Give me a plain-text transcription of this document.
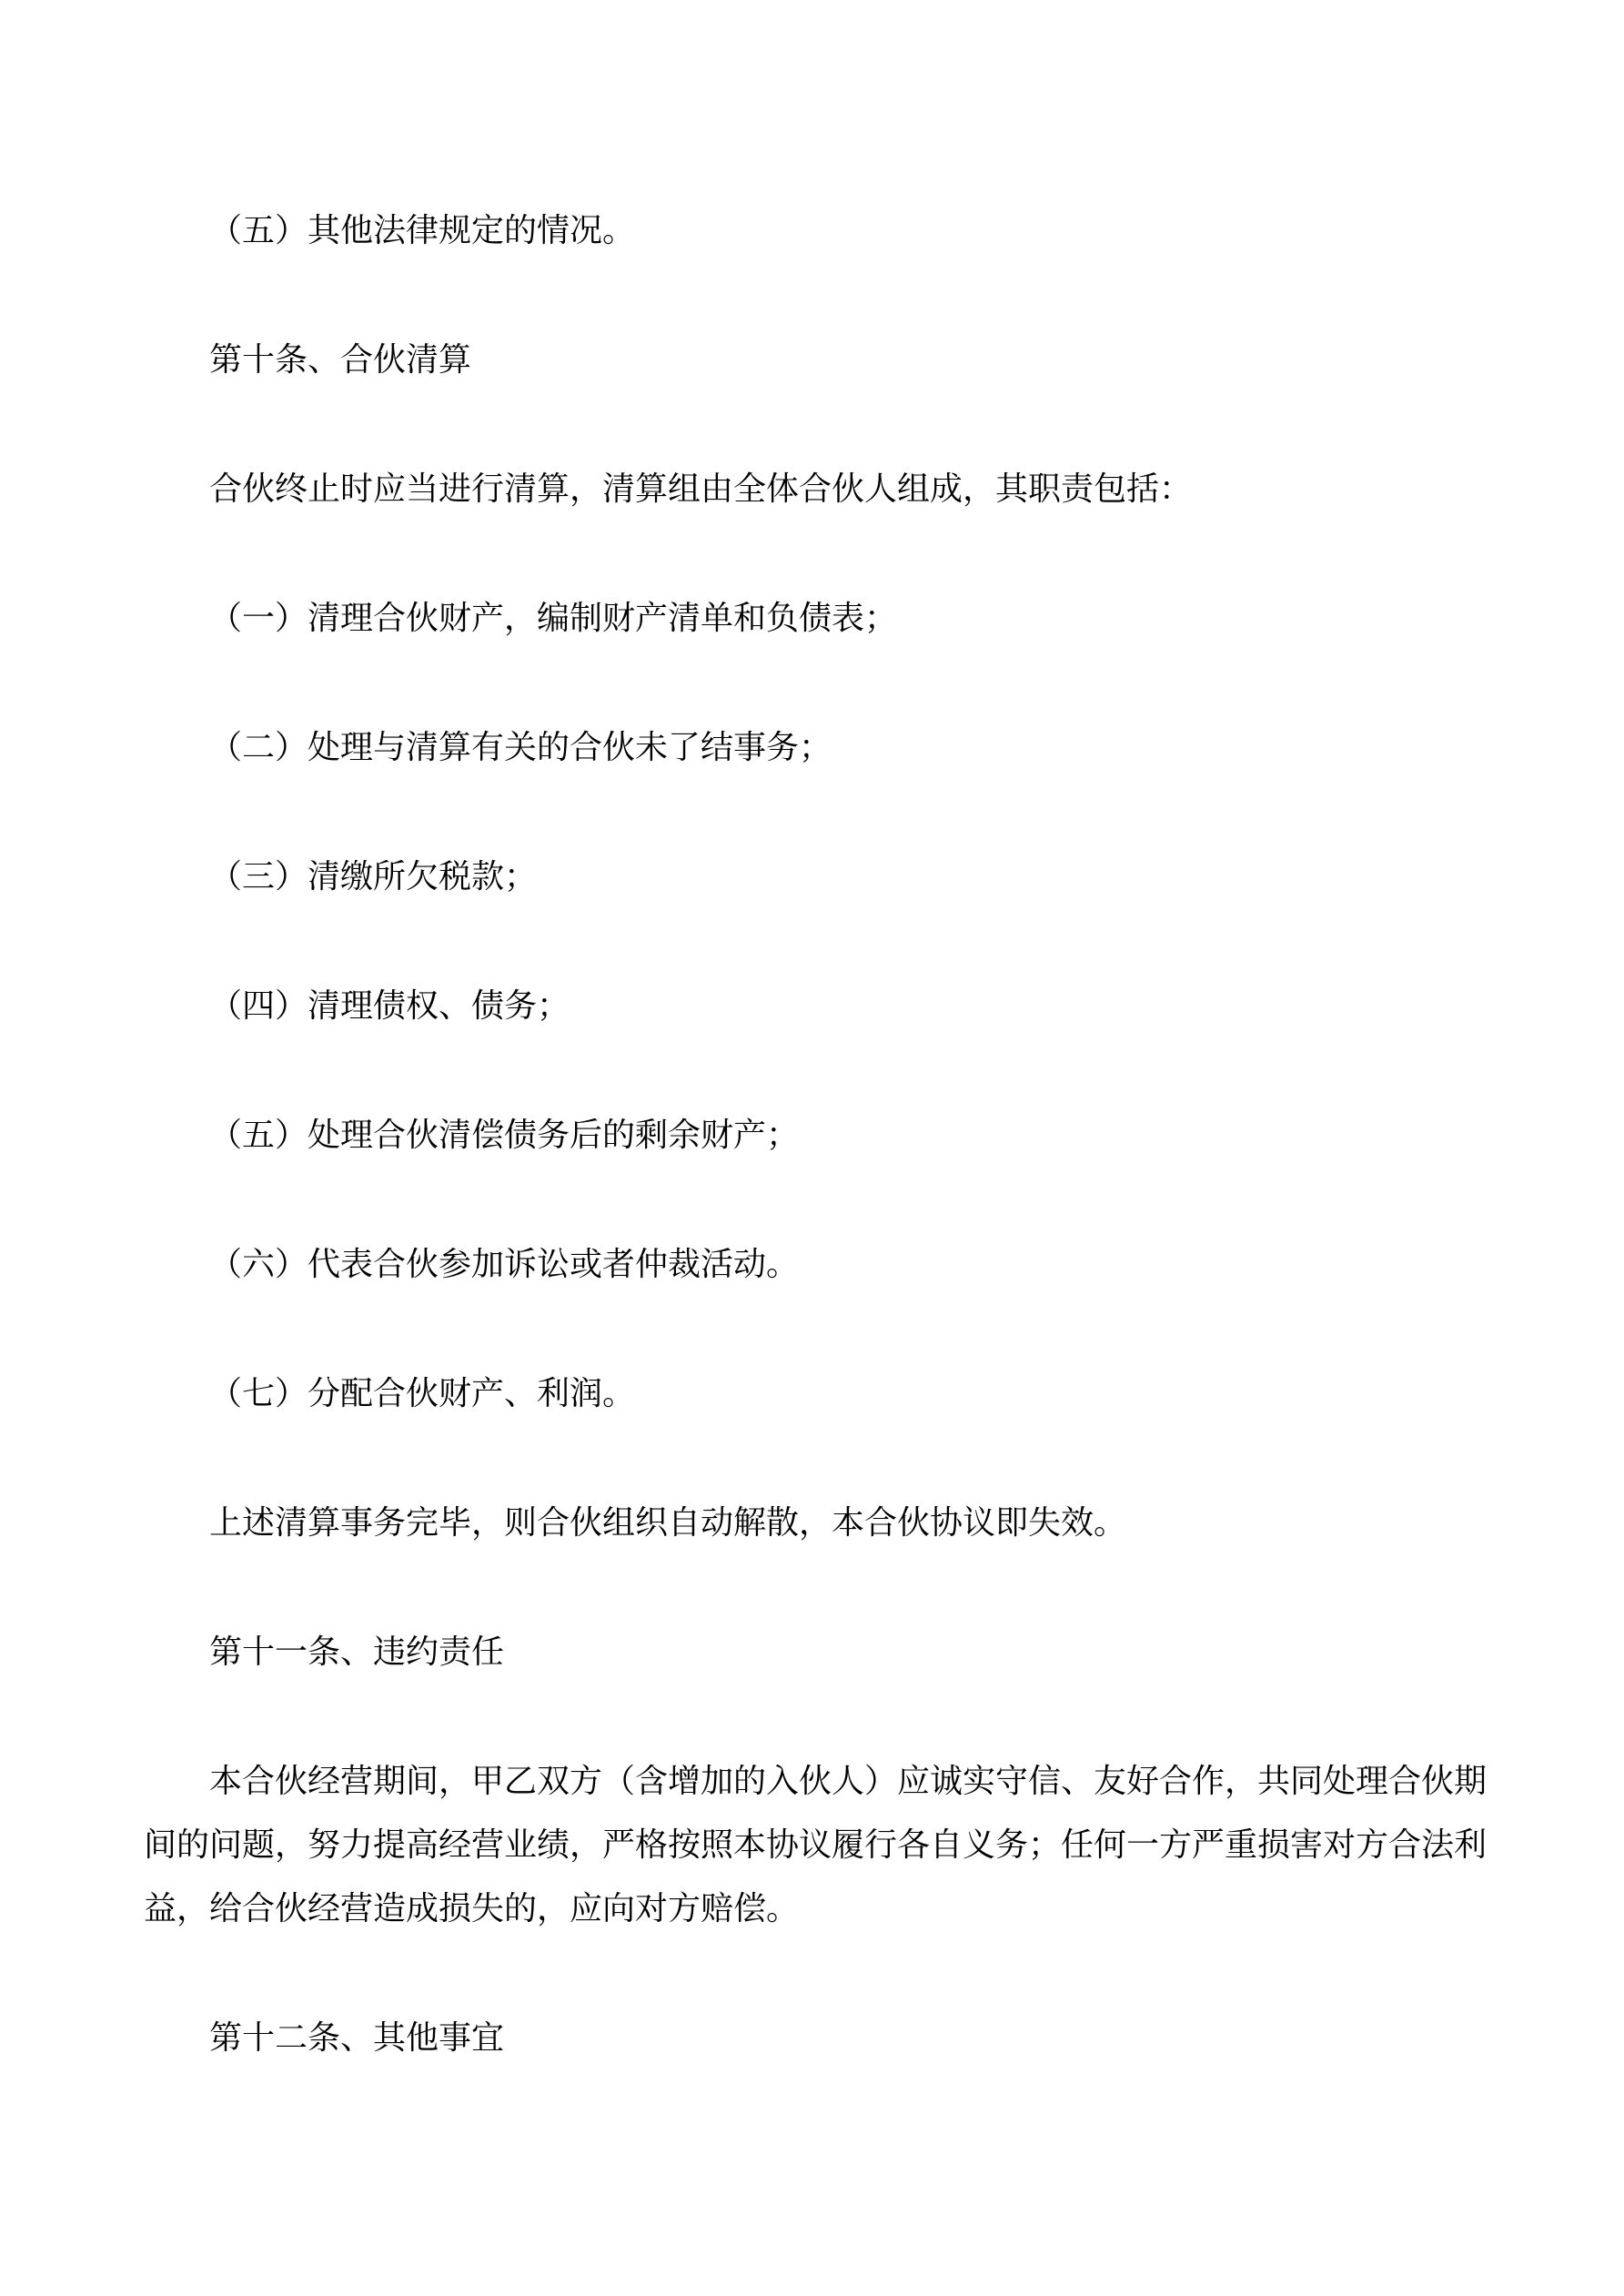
（五）其他法律规定的情况。
第十条、合伙清算
合伙终止时应当进行清算，清算组由全体合伙人组成，其职责包括：
（一）清理合伙财产，编制财产清单和负债表；
（二）处理与清算有关的合伙未了结事务；
（三）清缴所欠税款；
（四）清理债权、债务；
（五）处理合伙清偿债务后的剩余财产；
（六）代表合伙参加诉讼或者仲裁活动。
（七）分配合伙财产、利润。
上述清算事务完毕，则合伙组织自动解散，本合伙协议即失效。
第十一条、违约责任
本合伙经营期间，甲乙双方（含增加的入伙人）应诚实守信、友好合作，共同处理合伙期
间的问题，努力提高经营业绩，严格按照本协议履行各自义务；任何一方严重损害对方合法利
益，给合伙经营造成损失的，应向对方赔偿。
第十二条、其他事宜
